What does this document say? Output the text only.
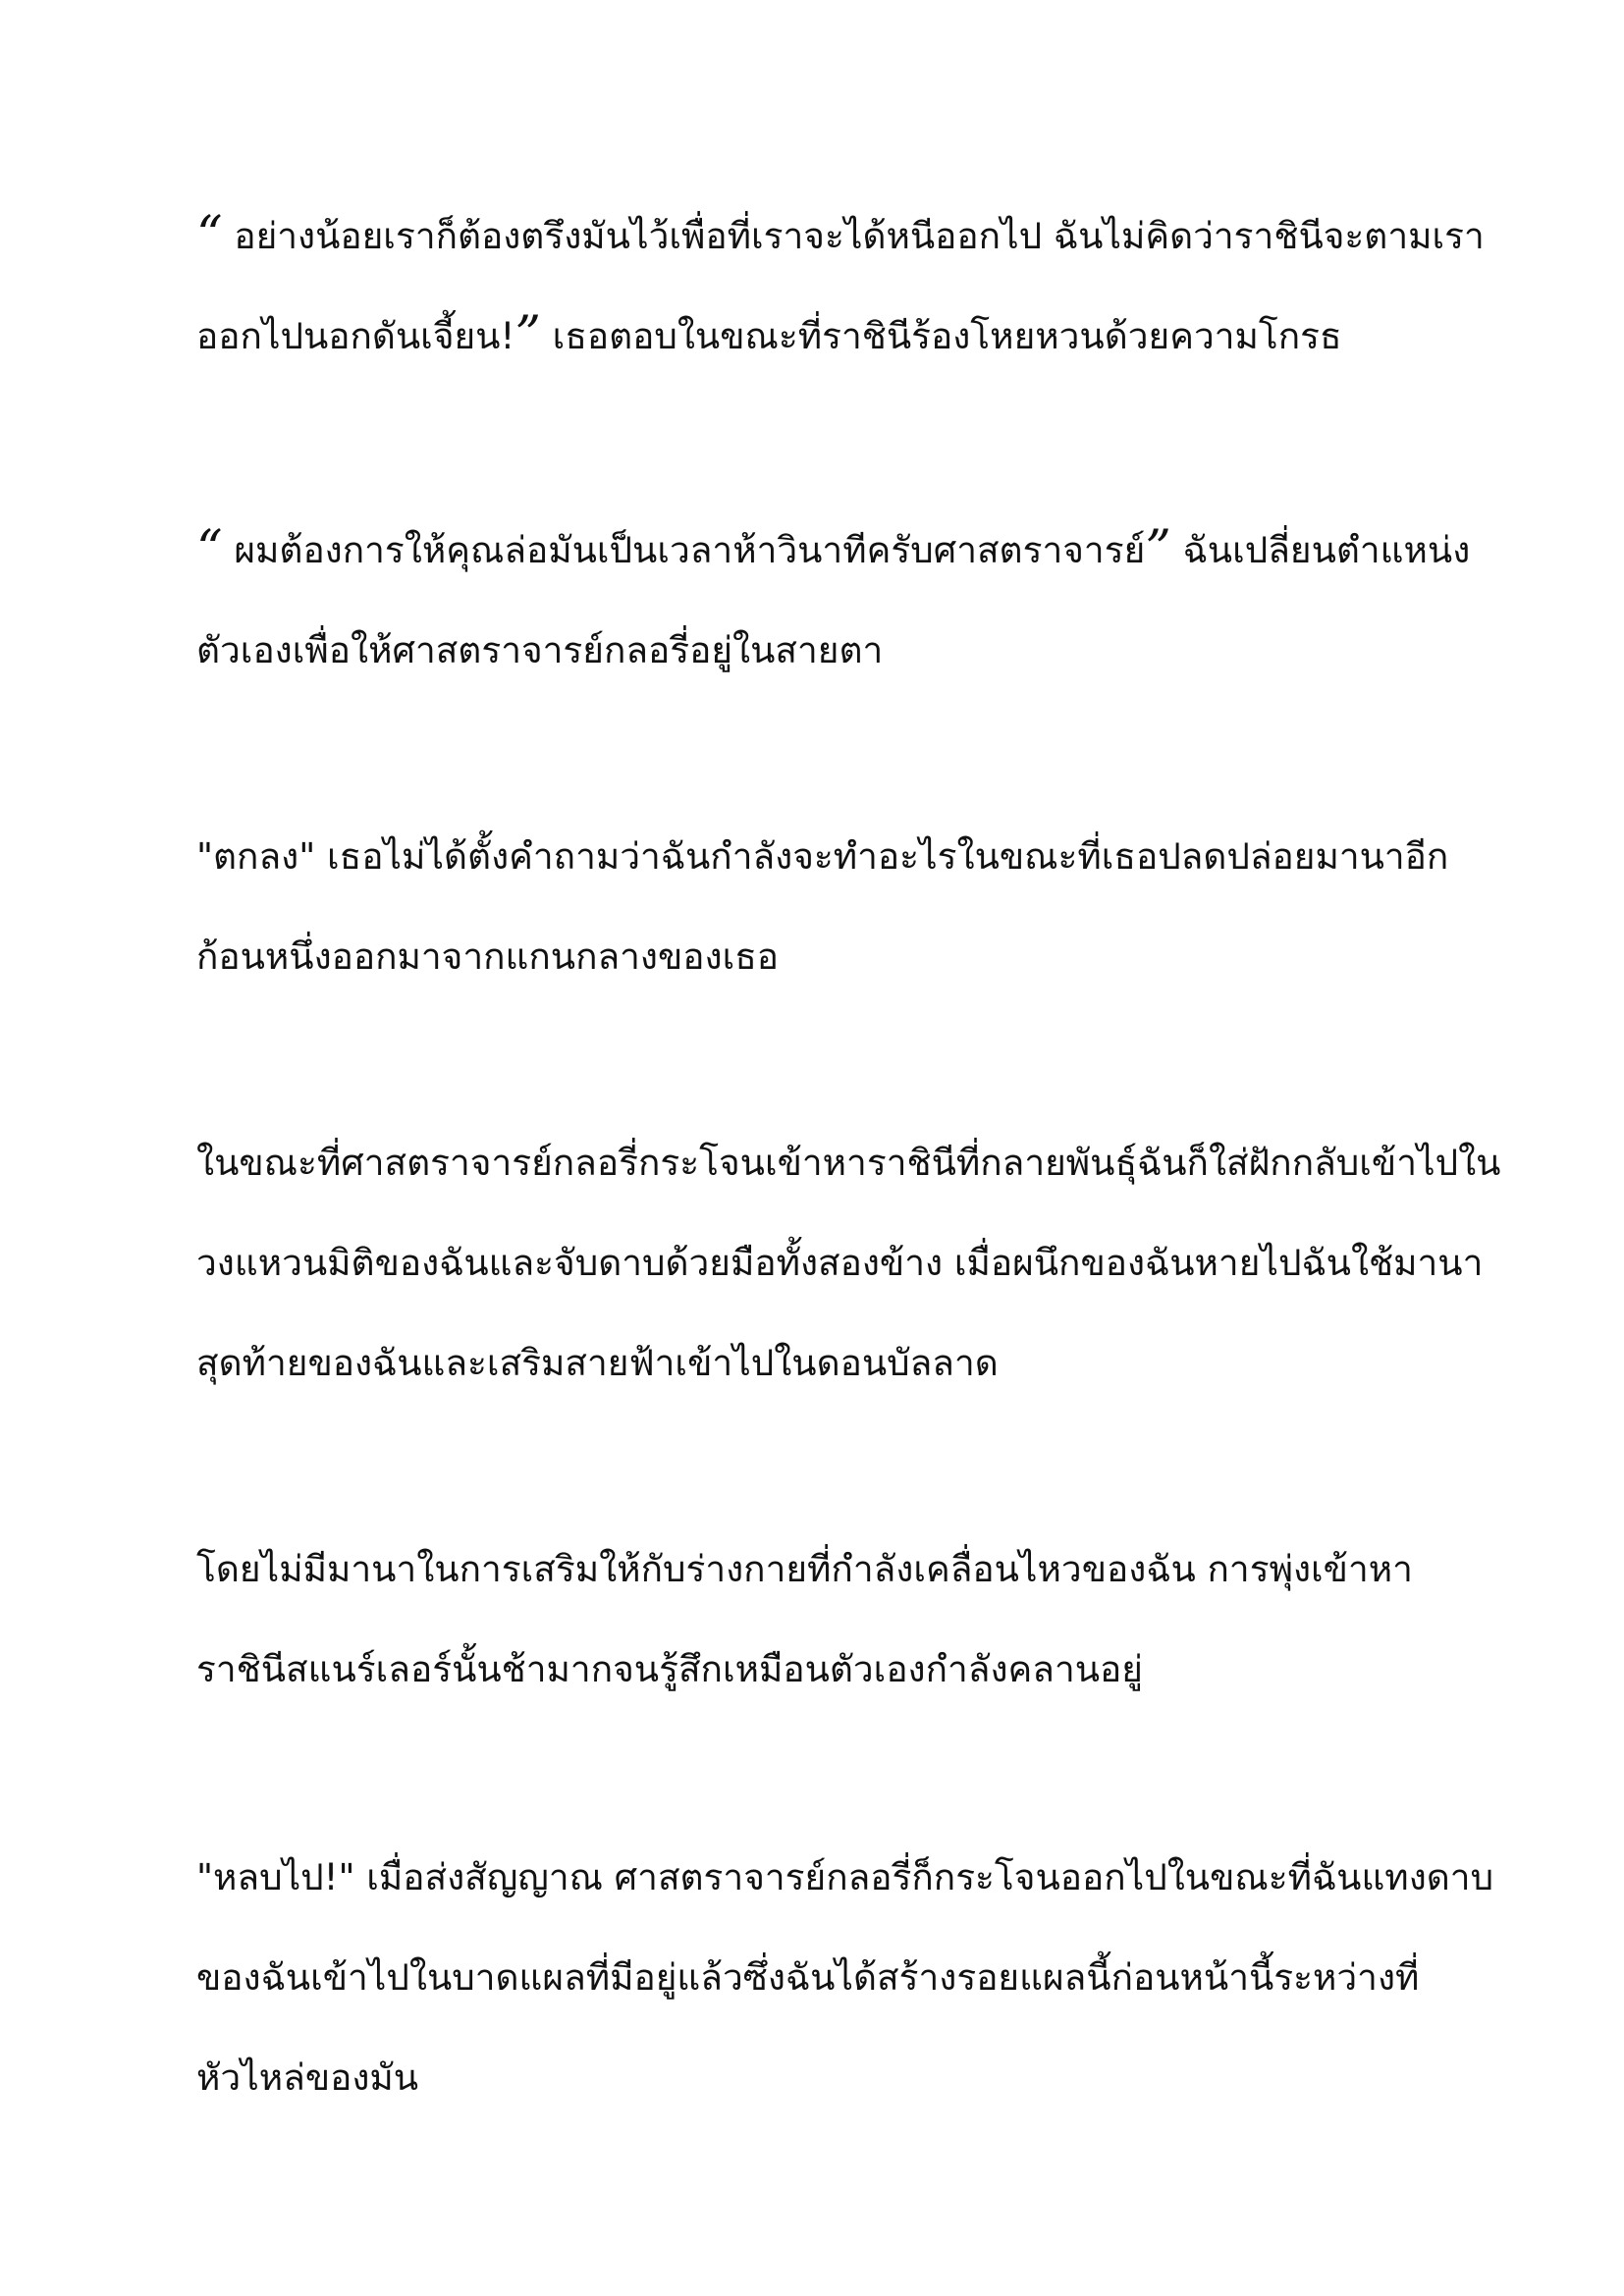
“ อย่างน้อยเราก็ต้องตรึงมันไว้เพื่อที่เราจะได้หนีออกไป ฉันไม่คิดว่าราชินีจะตามเรา
ออกไปนอกดันเจี้ยน!” เธอตอบในขณะที่ราชินีร้องโหยหวนด้วยความโกรธ
“ ผมต้องการให้คุณล่อมันเป็นเวลาห้าวินาทีครับศาสตราจารย์” ฉันเปลี่ยนตำแหน่ง
ตัวเองเพื่อให้ศาสตราจารย์กลอรี่อยู่ในสายตา
"ตกลง" เธอไม่ได้ตั้งคำถามว่าฉันกำลังจะทำอะไรในขณะที่เธอปลดปล่อยมานาอีก
ก้อนหนึ่งออกมาจากแกนกลางของเธอ
ในขณะที่ศาสตราจารย์กลอรี่กระโจนเข้าหาราชินีที่กลายพันธุ์ฉันก็ใส่ฝักกลับเข้าไปใน
วงแหวนมิติของฉันและจับดาบด้วยมือทั้งสองข้าง เมื่อผนึกของฉันหายไปฉันใช้มานา
สุดท้ายของฉันและเสริมสายฟ้าเข้าไปในดอนบัลลาด
โดยไม่มีมานาในการเสริมให้กับร่างกายที่กำลังเคลื่อนไหวของฉัน การพุ่งเข้าหา
ราชินีสแนร์เลอร์นั้นช้ามากจนรู้สึกเหมือนตัวเองกำลังคลานอยู่
"หลบไป!" เมื่อส่งสัญญาณ ศาสตราจารย์กลอรี่ก็กระโจนออกไปในขณะที่ฉันแทงดาบ
ของฉันเข้าไปในบาดแผลที่มีอยู่แล้วซึ่งฉันได้สร้างรอยแผลนี้ก่อนหน้านี้ระหว่างที่
หัวไหล่ของมัน
